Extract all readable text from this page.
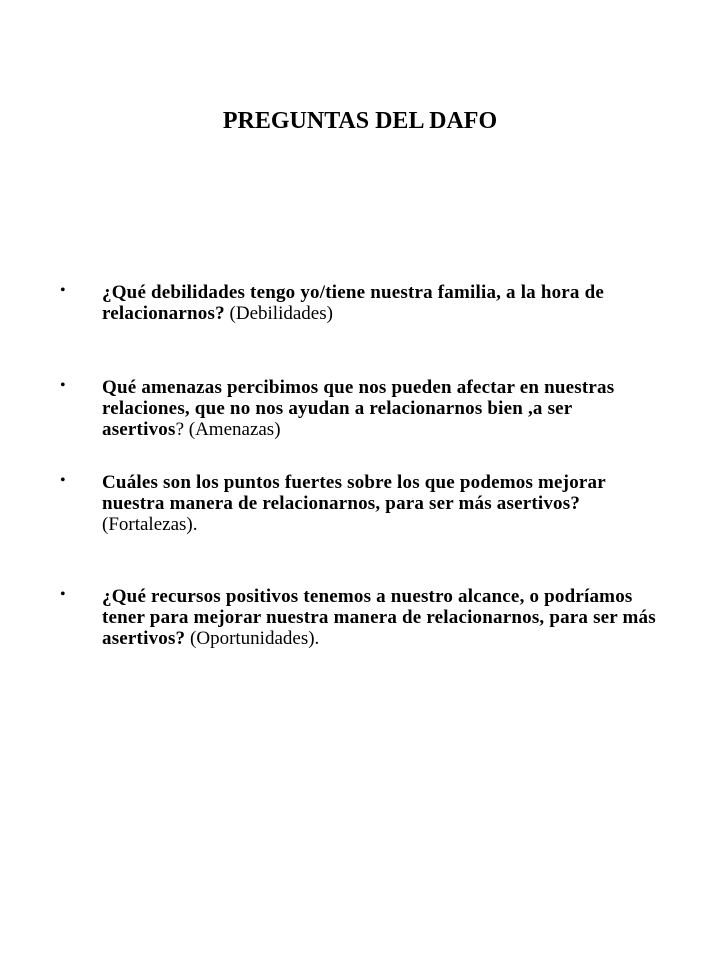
PREGUNTAS DEL DAFO
• ¿Qué debilidades tengo yo/tiene nuestra familia, a la hora de relacionarnos? (Debilidades)
• Qué amenazas percibimos que nos pueden afectar en nuestras relaciones, que no nos ayudan a relacionarnos bien ,a ser asertivos? (Amenazas)
• Cuáles son los puntos fuertes sobre los que podemos mejorar nuestra manera de relacionarnos, para ser más asertivos? (Fortalezas).
• ¿Qué recursos positivos tenemos a nuestro alcance, o podríamos tener para mejorar nuestra manera de relacionarnos, para ser más asertivos? (Oportunidades).
